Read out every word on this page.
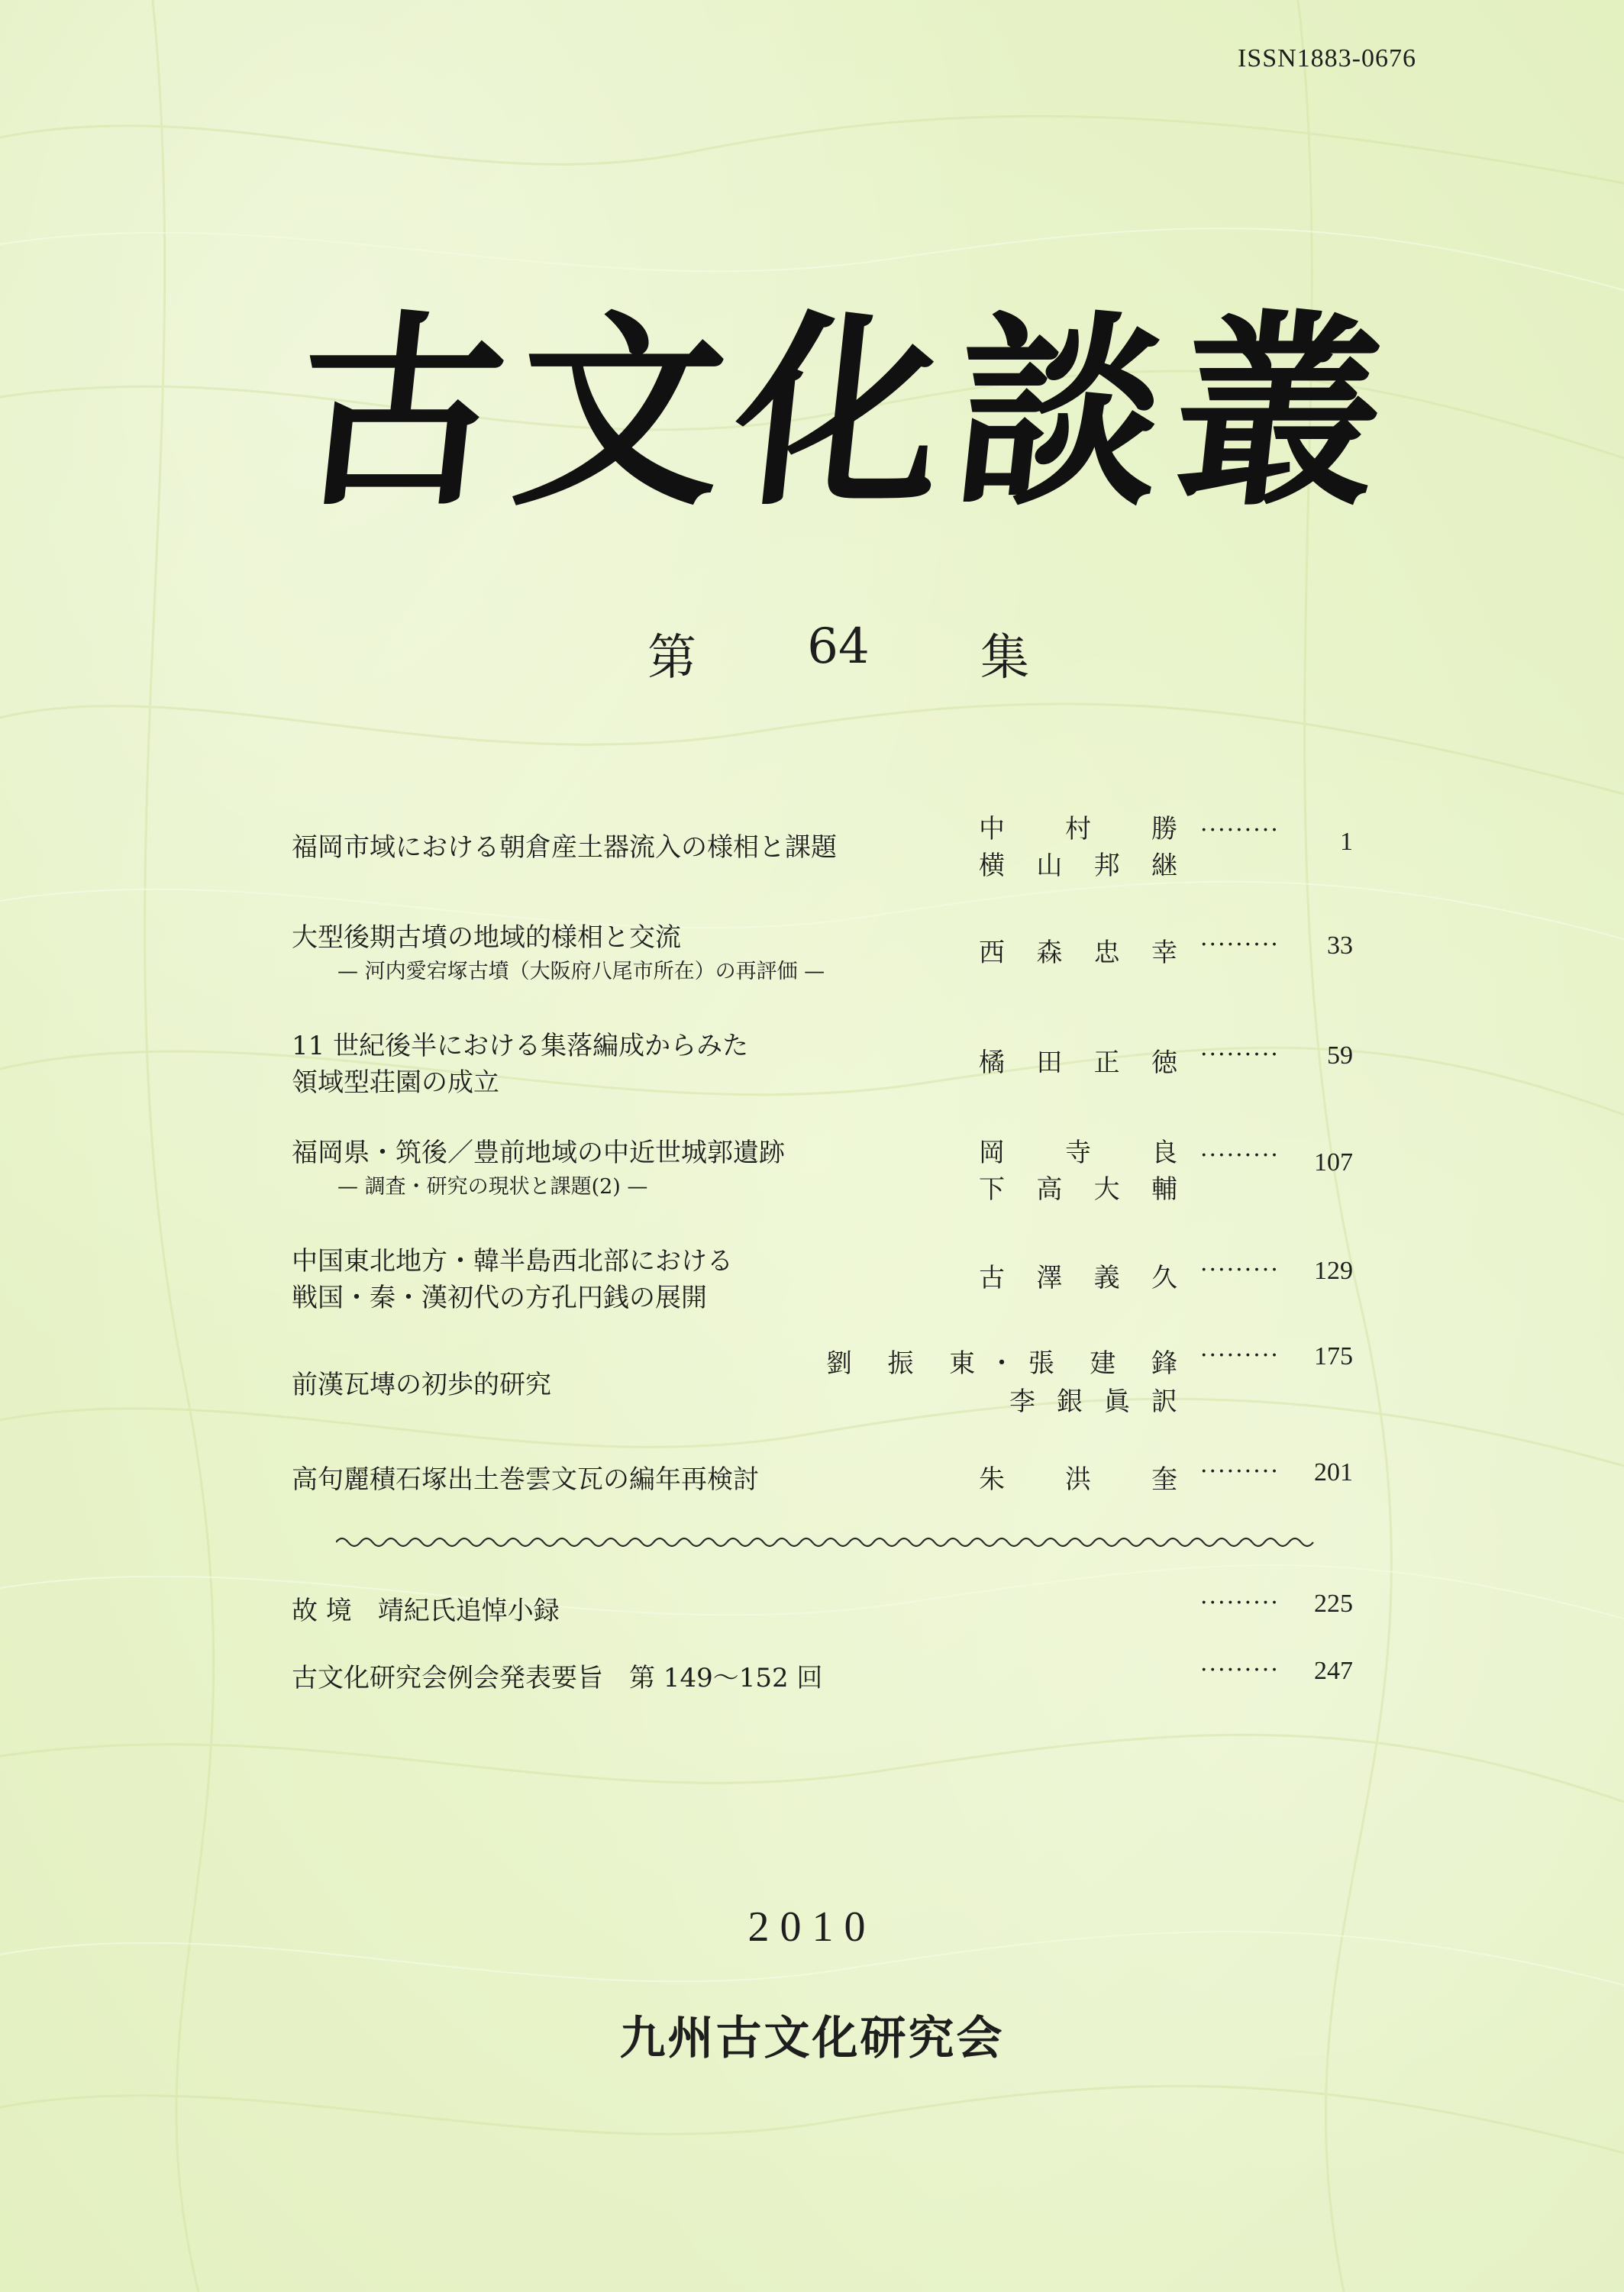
ISSN1883-0676
古
文
化
談
叢
第 64 集
福岡市域における朝倉産土器流入の様相と課題
中 村 勝
横 山 邦 継
·········	1
大型後期古墳の地域的様相と交流
— 河内愛宕塚古墳（大阪府八尾市所在）の再評価 —
西 森 忠 幸 ·········	33
11 世紀後半における集落編成からみた
領域型荘園の成立
橘 田 正 徳 ·········	59
福岡県・筑後／豊前地域の中近世城郭遺跡
— 調査・研究の現状と課題(2) —
岡 寺 良
下 高 大 輔
·········	107
中国東北地方・韓半島西北部における
戦国・秦・漢初代の方孔円銭の展開
古 澤 義 久 ·········	129
前漢瓦塼の初歩的研究
劉 振 東・張 建 鋒
李 銀 眞 訳
·········	175
高句麗積石塚出土巻雲文瓦の編年再検討	朱 洪 奎 ·········	201
故 境　靖紀氏追悼小録	········· 225
古文化研究会例会発表要旨　第 149〜152 回	········· 247
2010
九州古文化研究会
